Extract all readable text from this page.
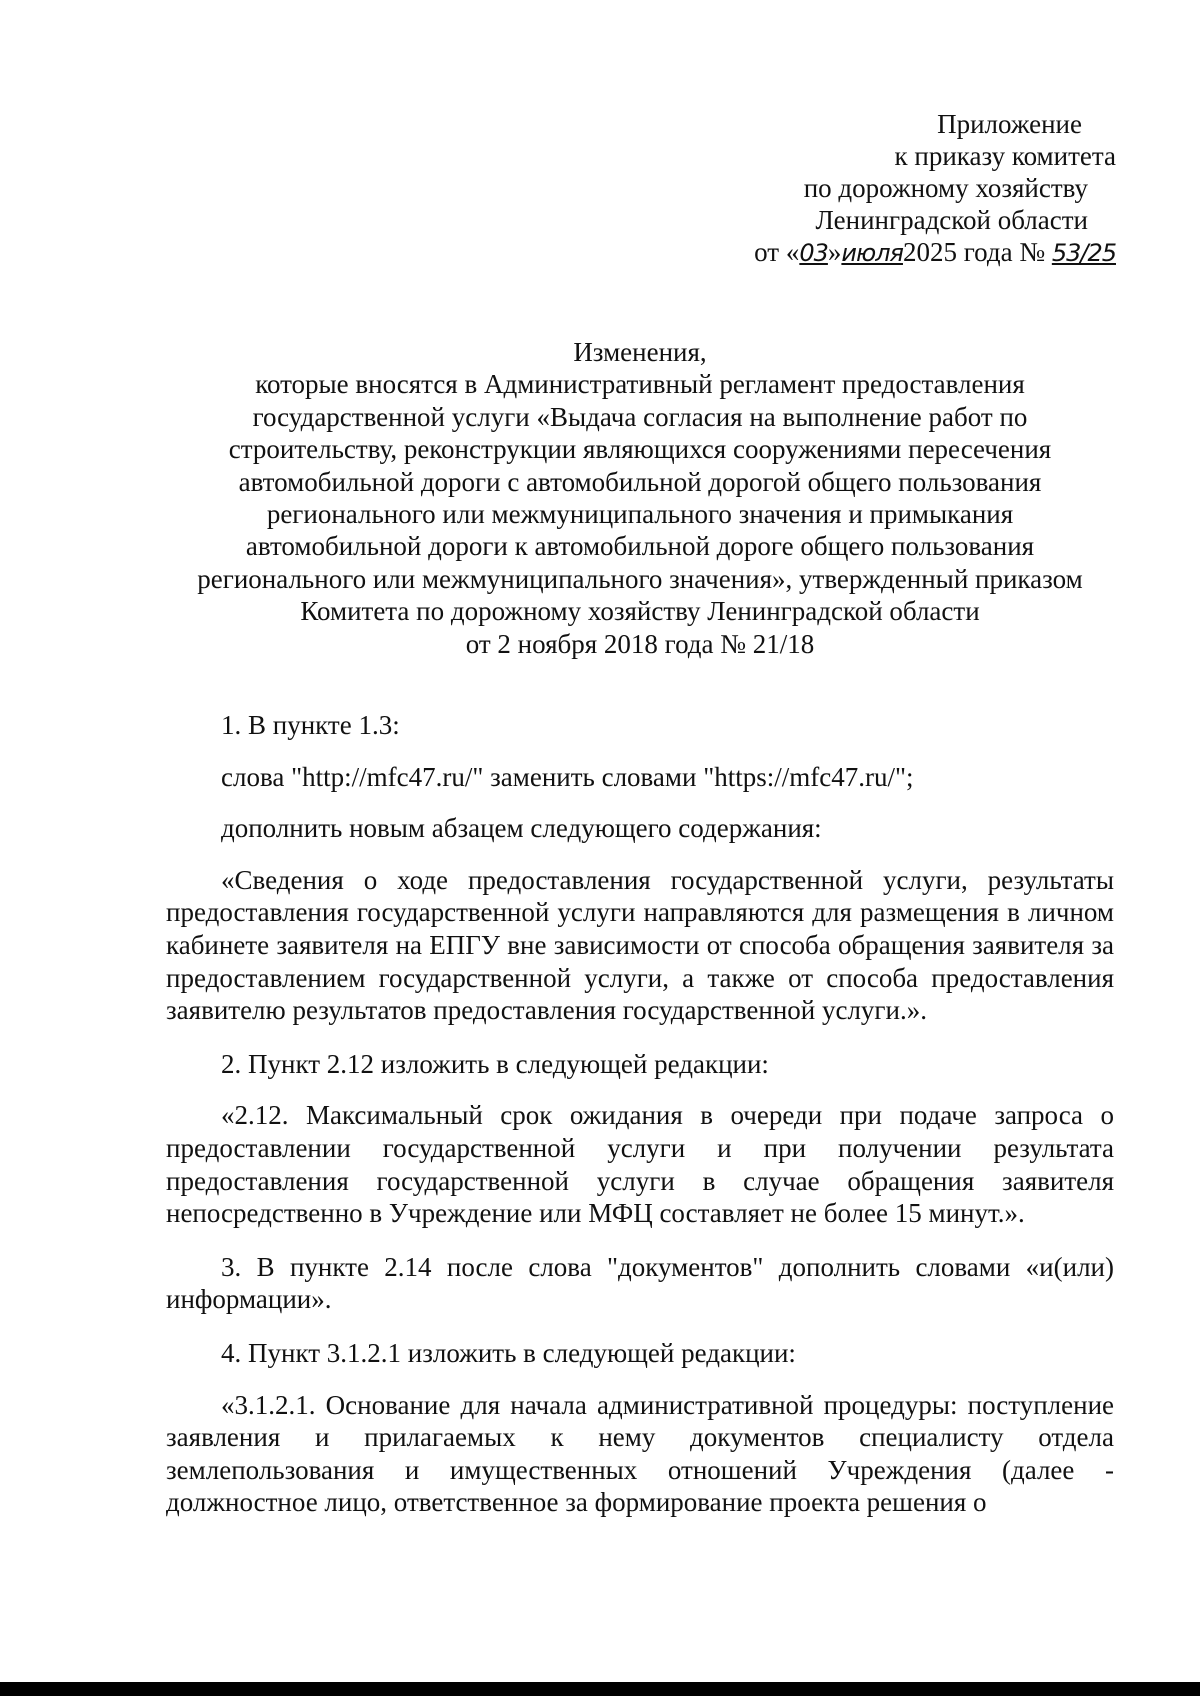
Приложение
к приказу комитета
по дорожному хозяйству
Ленинградской области
от «03»июля2025 года № 53/25
Изменения,
которые вносятся в Административный регламент предоставления
государственной услуги «Выдача согласия на выполнение работ по
строительству, реконструкции являющихся сооружениями пересечения
автомобильной дороги с автомобильной дорогой общего пользования
регионального или межмуниципального значения и примыкания
автомобильной дороги к автомобильной дороге общего пользования
регионального или межмуниципального значения», утвержденный приказом
Комитета по дорожному хозяйству Ленинградской области
от 2 ноября 2018 года № 21/18

1. В пункте 1.3:

слова "http://mfc47.ru/" заменить словами "https://mfc47.ru/";

дополнить новым абзацем следующего содержания:

«Сведения о ходе предоставления государственной услуги, результаты предоставления государственной услуги направляются для размещения в личном кабинете заявителя на ЕПГУ вне зависимости от способа обращения заявителя за предоставлением государственной услуги, а также от способа предоставления заявителю результатов предоставления государственной услуги.».

2. Пункт 2.12 изложить в следующей редакции:

«2.12. Максимальный срок ожидания в очереди при подаче запроса о предоставлении государственной услуги и при получении результата предоставления государственной услуги в случае обращения заявителя непосредственно в Учреждение или МФЦ составляет не более 15 минут.».

3. В пункте 2.14 после слова "документов" дополнить словами «и(или) информации».

4. Пункт 3.1.2.1 изложить в следующей редакции:

«3.1.2.1. Основание для начала административной процедуры: поступление заявления и прилагаемых к нему документов специалисту отдела землепользования и имущественных отношений Учреждения (далее - должностное лицо, ответственное за формирование проекта решения о
